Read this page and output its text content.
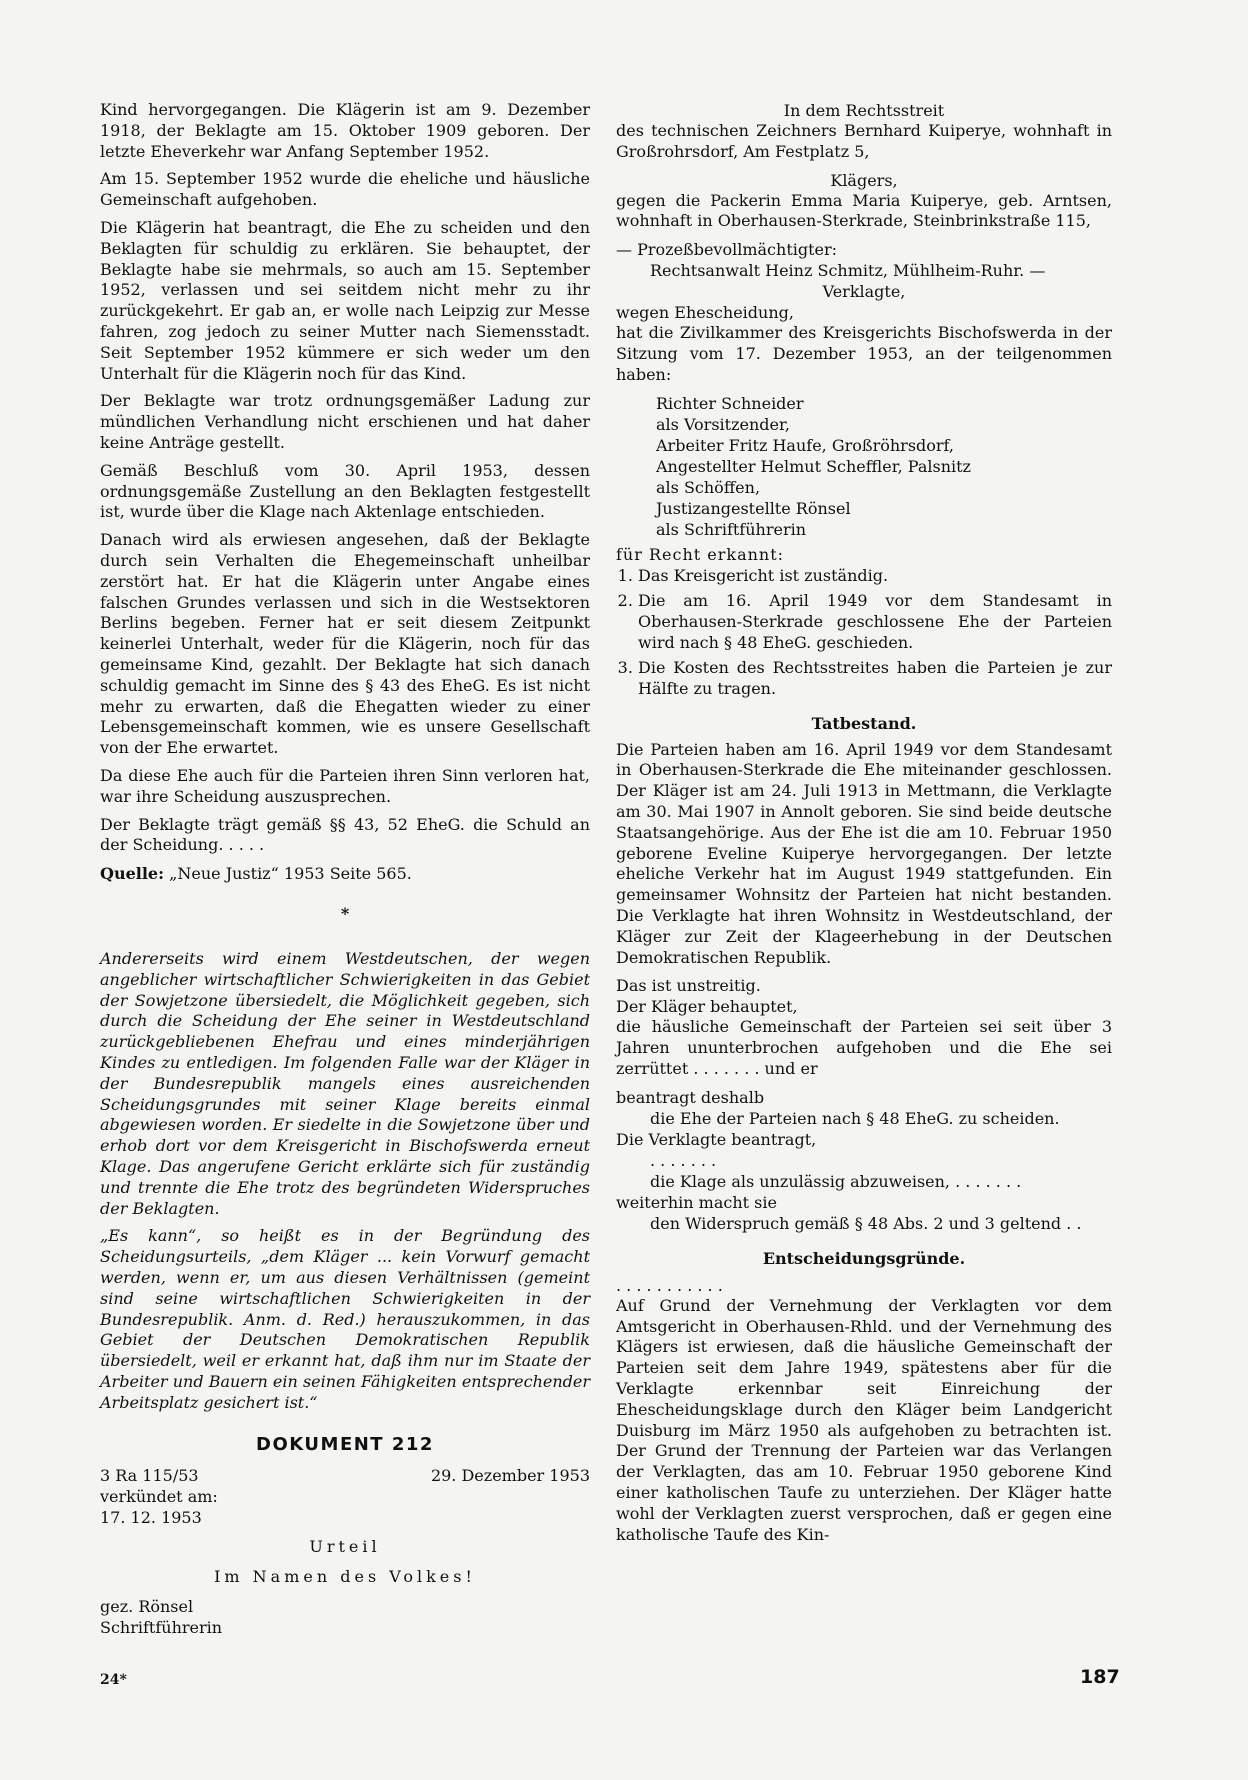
Kind hervorgegangen. Die Klägerin ist am 9. Dezember 1918, der Beklagte am 15. Oktober 1909 geboren. Der letzte Eheverkehr war Anfang September 1952.

Am 15. September 1952 wurde die eheliche und häusliche Gemeinschaft aufgehoben.

Die Klägerin hat beantragt, die Ehe zu scheiden und den Beklagten für schuldig zu erklären. Sie behauptet, der Beklagte habe sie mehrmals, so auch am 15. September 1952, verlassen und sei seitdem nicht mehr zu ihr zurückgekehrt. Er gab an, er wolle nach Leipzig zur Messe fahren, zog jedoch zu seiner Mutter nach Siemensstadt. Seit September 1952 kümmere er sich weder um den Unterhalt für die Klägerin noch für das Kind.

Der Beklagte war trotz ordnungsgemäßer Ladung zur mündlichen Verhandlung nicht erschienen und hat daher keine Anträge gestellt.

Gemäß Beschluß vom 30. April 1953, dessen ordnungsgemäße Zustellung an den Beklagten festgestellt ist, wurde über die Klage nach Aktenlage entschieden.

Danach wird als erwiesen angesehen, daß der Beklagte durch sein Verhalten die Ehegemeinschaft unheilbar zerstört hat. Er hat die Klägerin unter Angabe eines falschen Grundes verlassen und sich in die Westsektoren Berlins begeben. Ferner hat er seit diesem Zeitpunkt keinerlei Unterhalt, weder für die Klägerin, noch für das gemeinsame Kind, gezahlt. Der Beklagte hat sich danach schuldig gemacht im Sinne des § 43 des EheG. Es ist nicht mehr zu erwarten, daß die Ehegatten wieder zu einer Lebensgemeinschaft kommen, wie es unsere Gesellschaft von der Ehe erwartet.

Da diese Ehe auch für die Parteien ihren Sinn verloren hat, war ihre Scheidung auszusprechen.

Der Beklagte trägt gemäß §§ 43, 52 EheG. die Schuld an der Scheidung. . . . .

Quelle: „Neue Justiz“ 1953 Seite 565.
*

Andererseits wird einem Westdeutschen, der wegen angeblicher wirtschaftlicher Schwierigkeiten in das Gebiet der Sowjetzone übersiedelt, die Möglichkeit gegeben, sich durch die Scheidung der Ehe seiner in Westdeutschland zurückgebliebenen Ehefrau und eines minderjährigen Kindes zu entledigen. Im folgenden Falle war der Kläger in der Bundesrepublik mangels eines ausreichenden Scheidungsgrundes mit seiner Klage bereits einmal abgewiesen worden. Er siedelte in die Sowjetzone über und erhob dort vor dem Kreisgericht in Bischofswerda erneut Klage. Das angerufene Gericht erklärte sich für zuständig und trennte die Ehe trotz des begründeten Widerspruches der Beklagten.

„Es kann“, so heißt es in der Begründung des Scheidungsurteils, „dem Kläger ... kein Vorwurf gemacht werden, wenn er, um aus diesen Verhältnissen (gemeint sind seine wirtschaftlichen Schwierigkeiten in der Bundesrepublik. Anm. d. Red.) herauszukommen, in das Gebiet der Deutschen Demokratischen Republik übersiedelt, weil er erkannt hat, daß ihm nur im Staate der Arbeiter und Bauern ein seinen Fähigkeiten entsprechender Arbeitsplatz gesichert ist.“

DOKUMENT 212
3 Ra 115/53	29. Dezember 1953
verkündet am:
17. 12. 1953
Urteil
Im Namen des Volkes!
gez. Rönsel
Schriftführerin
In dem Rechtsstreit

des technischen Zeichners Bernhard Kuiperye, wohnhaft in Großrohrsdorf, Am Festplatz 5,

Klägers,

gegen die Packerin Emma Maria Kuiperye, geb. Arntsen, wohnhaft in Oberhausen-Sterkrade, Steinbrinkstraße 115,

— Prozeßbevollmächtigter:
Rechtsanwalt Heinz Schmitz, Mühlheim-Ruhr. —
Verklagte,
wegen Ehescheidung,

hat die Zivilkammer des Kreisgerichts Bischofswerda in der Sitzung vom 17. Dezember 1953, an der teilgenommen haben:

Richter Schneider
als Vorsitzender,
Arbeiter Fritz Haufe, Großröhrsdorf,
Angestellter Helmut Scheffler, Palsnitz
als Schöffen,
Justizangestellte Rönsel
als Schriftführerin
für Recht erkannt:
1. Das Kreisgericht ist zuständig.
2. Die am 16. April 1949 vor dem Standesamt in Oberhausen-Sterkrade geschlossene Ehe der Parteien wird nach § 48 EheG. geschieden.
3. Die Kosten des Rechtsstreites haben die Parteien je zur Hälfte zu tragen.
Tatbestand.

Die Parteien haben am 16. April 1949 vor dem Standesamt in Oberhausen-Sterkrade die Ehe miteinander geschlossen. Der Kläger ist am 24. Juli 1913 in Mettmann, die Verklagte am 30. Mai 1907 in Annolt geboren. Sie sind beide deutsche Staatsangehörige. Aus der Ehe ist die am 10. Februar 1950 geborene Eveline Kuiperye hervorgegangen. Der letzte eheliche Verkehr hat im August 1949 stattgefunden. Ein gemeinsamer Wohnsitz der Parteien hat nicht bestanden. Die Verklagte hat ihren Wohnsitz in Westdeutschland, der Kläger zur Zeit der Klageerhebung in der Deutschen Demokratischen Republik.

Das ist unstreitig.
Der Kläger behauptet,

die häusliche Gemeinschaft der Parteien sei seit über 3 Jahren ununterbrochen aufgehoben und die Ehe sei zerrüttet . . . . . . . und er

beantragt deshalb
die Ehe der Parteien nach § 48 EheG. zu scheiden.
Die Verklagte beantragt,
. . . . . . .
die Klage als unzulässig abzuweisen, . . . . . . .
weiterhin macht sie
den Widerspruch gemäß § 48 Abs. 2 und 3 geltend . .
Entscheidungsgründe.
. . . . . . . . . . .

Auf Grund der Vernehmung der Verklagten vor dem Amtsgericht in Oberhausen-Rhld. und der Vernehmung des Klägers ist erwiesen, daß die häusliche Gemeinschaft der Parteien seit dem Jahre 1949, spätestens aber für die Verklagte erkennbar seit Einreichung der Ehescheidungsklage durch den Kläger beim Landgericht Duisburg im März 1950 als aufgehoben zu betrachten ist. Der Grund der Trennung der Parteien war das Verlangen der Verklagten, das am 10. Februar 1950 geborene Kind einer katholischen Taufe zu unterziehen. Der Kläger hatte wohl der Verklagten zuerst versprochen, daß er gegen eine katholische Taufe des Kin-

24*	187
